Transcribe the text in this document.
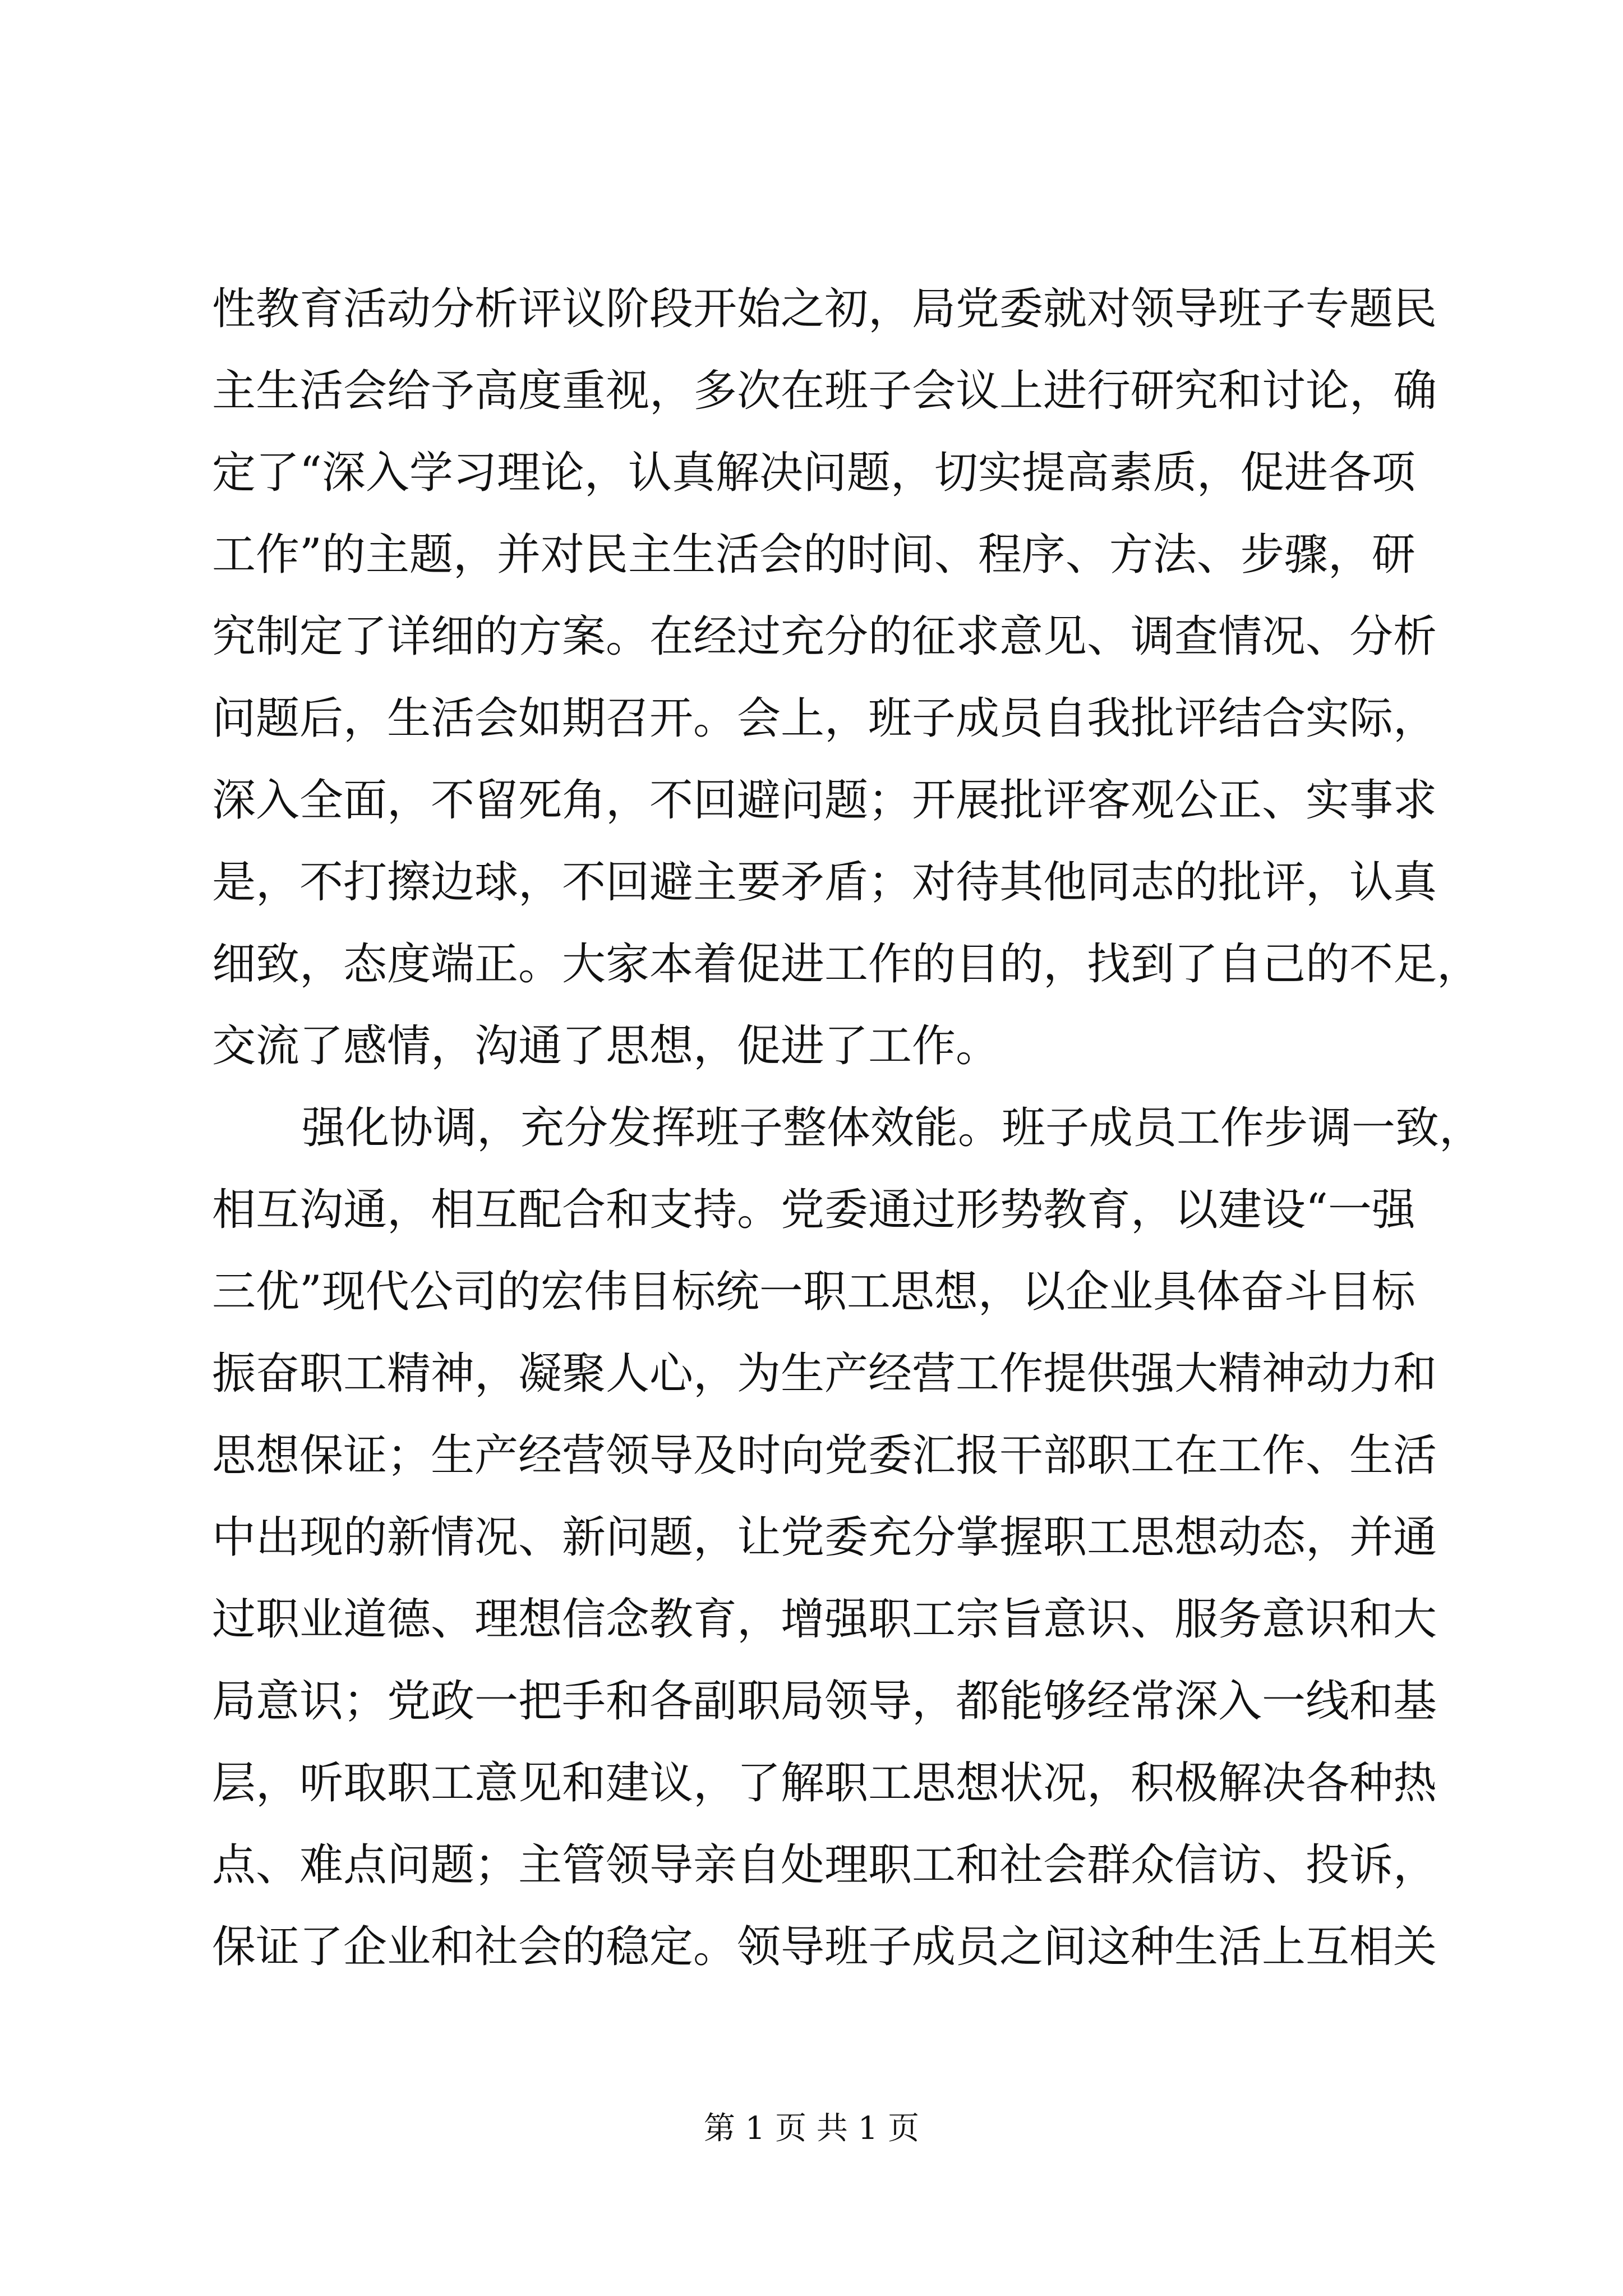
性教育活动分析评议阶段开始之初，局党委就对领导班子专题民
主生活会给予高度重视，多次在班子会议上进行研究和讨论，确
定了“深入学习理论，认真解决问题，切实提高素质，促进各项
工作”的主题，并对民主生活会的时间、程序、方法、步骤，研
究制定了详细的方案。在经过充分的征求意见、调查情况、分析
问题后，生活会如期召开。会上，班子成员自我批评结合实际，
深入全面，不留死角，不回避问题；开展批评客观公正、实事求
是，不打擦边球，不回避主要矛盾；对待其他同志的批评，认真
细致，态度端正。大家本着促进工作的目的，找到了自己的不足，
交流了感情，沟通了思想，促进了工作。
强化协调，充分发挥班子整体效能。班子成员工作步调一致，
相互沟通，相互配合和支持。党委通过形势教育，以建设“一强
三优”现代公司的宏伟目标统一职工思想，以企业具体奋斗目标
振奋职工精神，凝聚人心，为生产经营工作提供强大精神动力和
思想保证；生产经营领导及时向党委汇报干部职工在工作、生活
中出现的新情况、新问题，让党委充分掌握职工思想动态，并通
过职业道德、理想信念教育，增强职工宗旨意识、服务意识和大
局意识；党政一把手和各副职局领导，都能够经常深入一线和基
层，听取职工意见和建议，了解职工思想状况，积极解决各种热
点、难点问题；主管领导亲自处理职工和社会群众信访、投诉，
保证了企业和社会的稳定。领导班子成员之间这种生活上互相关
第 1 页 共 1 页
